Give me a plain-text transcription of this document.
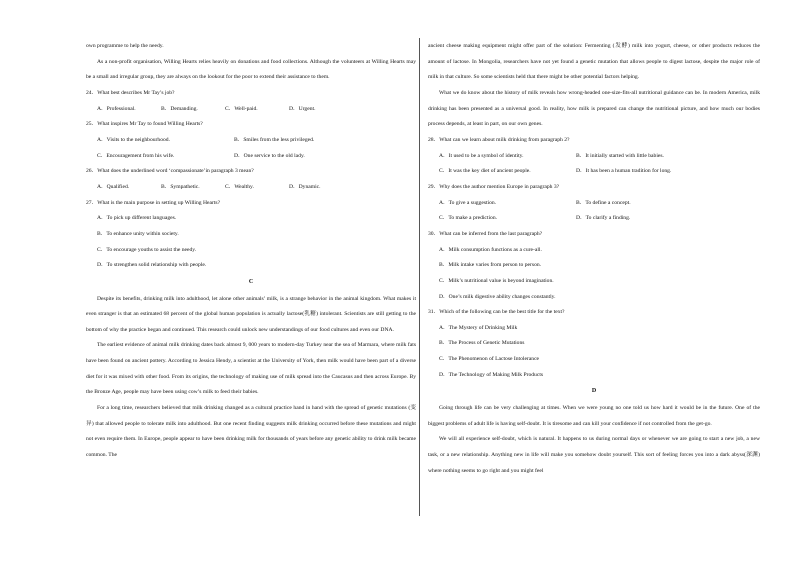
own programme to help the needy.
As a non-profit organisation, Willing Hearts relies heavily on donations and food collections. Although the volunteers at Willing Hearts may be a small and irregular group, they are always on the lookout for the poor to extend their assistance to them.
24．What best describes Mr Tay’s job?
A．Professional.	B．Demanding.	C．Well-paid.	D．Urgent.
25．What inspires Mr Tay to found Willing Hearts?
A．Visits to the neighbourhood.	B．Smiles from the less privileged.
C．Encouragement from his wife.	D．One service to the old lady.
26．What does the underlined word ‘compassionate’in paragraph 3 mean?
A．Qualified.	B．Sympathetic.	C．Wealthy.	D．Dynamic.
27．What is the main purpose in setting up Willing Hearts?
A．To pick up different languages.
B．To enhance unity within society.
C．To encourage youths to assist the needy.
D．To strengthen solid relationship with people.
C
Despite its benefits, drinking milk into adulthood, let alone other animals’ milk, is a strange behavior in the animal kingdom. What makes it even stranger is that an estimated 68 percent of the global human population is actually lactose(乳糖) intolerant. Scientists are still getting to the bottom of why the practice began and continued. This research could unlock new understandings of our food cultures and even our DNA.
The earliest evidence of animal milk drinking dates back almost 9, 000 years to modern-day Turkey near the sea of Marmara, where milk fats have been found on ancient pottery. According to Jessica Hendy, a scientist at the University of York, then milk would have been part of a diverse diet for it was mixed with other food. From its origins, the technology of making use of milk spread into the Caucasus and then across Europe. By the Bronze Age, people may have been using cow’s milk to feed their babies.
For a long time, researchers believed that milk drinking changed as a cultural practice hand in hand with the spread of genetic mutations (变异) that allowed people to tolerate milk into adulthood. But one recent finding suggests milk drinking occurred before these mutations and might not even require them. In Europe, people appear to have been drinking milk for thousands of years before any genetic ability to drink milk became common. The
ancient cheese making equipment might offer part of the solution: Fermenting (发酵) milk into yogurt, cheese, or other products reduces the amount of lactose. In Mongolia, researchers have not yet found a genetic mutation that allows people to digest lactose, despite the major role of milk in that culture. So some scientists held that there might be other potential factors helping.
What we do know about the history of milk reveals how wrong-headed one-size-fits-all nutritional guidance can be. In modern America, milk drinking has been presented as a universal good. In reality, how milk is prepared can change the nutritional picture, and how much our bodies process depends, at least in part, on our own genes.
28．What can we learn about milk drinking from paragraph 2?
A．It used to be a symbol of identity.	B．It initially started with little babies.
C．It was the key diet of ancient people.	D．It has been a human tradition for long.
29．Why does the author mention Europe in paragraph 3?
A．To give a suggestion.	B．To define a concept.
C．To make a prediction.	D．To clarify a finding.
30．What can be inferred from the last paragraph?
A．Milk consumption functions as a cure-all.
B．Milk intake varies from person to person.
C．Milk’s nutritional value is beyond imagination.
D．One’s milk digestive ability changes constantly.
31．Which of the following can be the best title for the text?
A．The Mystery of Drinking Milk
B．The Process of Genetic Mutations
C．The Phenomenon of Lactose Intolerance
D．The Technology of Making Milk Products
D
Going through life can be very challenging at times. When we were young no one told us how hard it would be in the future. One of the biggest problems of adult life is having self-doubt. It is tiresome and can kill your confidence if not controlled from the get-go.
We will all experience self-doubt, which is natural. It happens to us during normal days or whenever we are going to start a new job, a new task, or a new relationship. Anything new in life will make you somehow doubt yourself. This sort of feeling forces you into a dark abyss(深渊) where nothing seems to go right and you might feel
